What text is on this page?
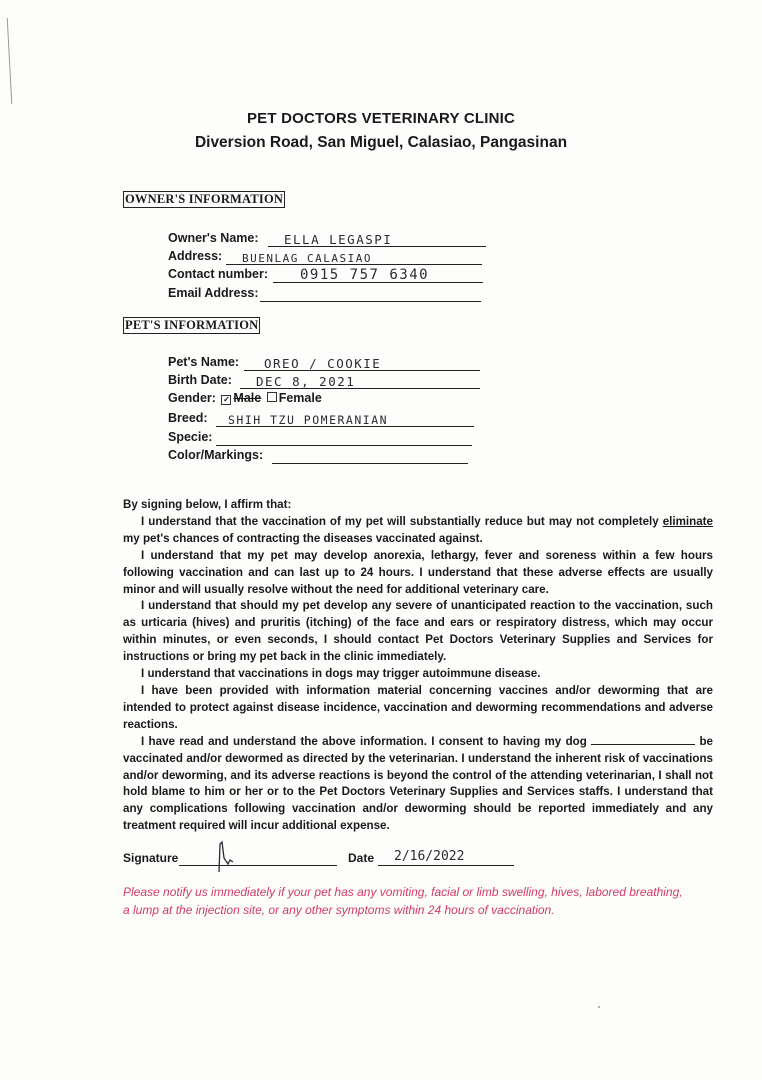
PET DOCTORS VETERINARY CLINIC
Diversion Road, San Miguel, Calasiao, Pangasinan
OWNER'S INFORMATION
Owner's Name: ELLA LEGASPI
Address: BUENLAG CALASIAO
Contact number: 0915 757 6340
Email Address:
PET'S INFORMATION
Pet's Name: OREO / COOKIE
Birth Date: DEC 8, 2021
Gender: ✓ Male Female
Breed: SHIH TZU POMERANIAN
Specie:
Color/Markings:

By signing below, I affirm that:

I understand that the vaccination of my pet will substantially reduce but may not completely eliminate my pet's chances of contracting the diseases vaccinated against.

I understand that my pet may develop anorexia, lethargy, fever and soreness within a few hours following vaccination and can last up to 24 hours. I understand that these adverse effects are usually minor and will usually resolve without the need for additional veterinary care.

I understand that should my pet develop any severe of unanticipated reaction to the vaccination, such as urticaria (hives) and pruritis (itching) of the face and ears or respiratory distress, which may occur within minutes, or even seconds, I should contact Pet Doctors Veterinary Supplies and Services for instructions or bring my pet back in the clinic immediately.

I understand that vaccinations in dogs may trigger autoimmune disease.

I have been provided with information material concerning vaccines and/or deworming that are intended to protect against disease incidence, vaccination and deworming recommendations and adverse reactions.

I have read and understand the above information. I consent to having my dog	be vaccinated and/or dewormed as directed by the veterinarian. I understand the inherent risk of vaccinations and/or deworming, and its adverse reactions is beyond the control of the attending veterinarian, I shall not hold blame to him or her or to the Pet Doctors Veterinary Supplies and Services staffs. I understand that any complications following vaccination and/or deworming should be reported immediately and any treatment required will incur additional expense.

Signature	Date 2/16/2022
Please notify us immediately if your pet has any vomiting, facial or limb swelling, hives, labored breathing, a lump at the injection site, or any other symptoms within 24 hours of vaccination.
